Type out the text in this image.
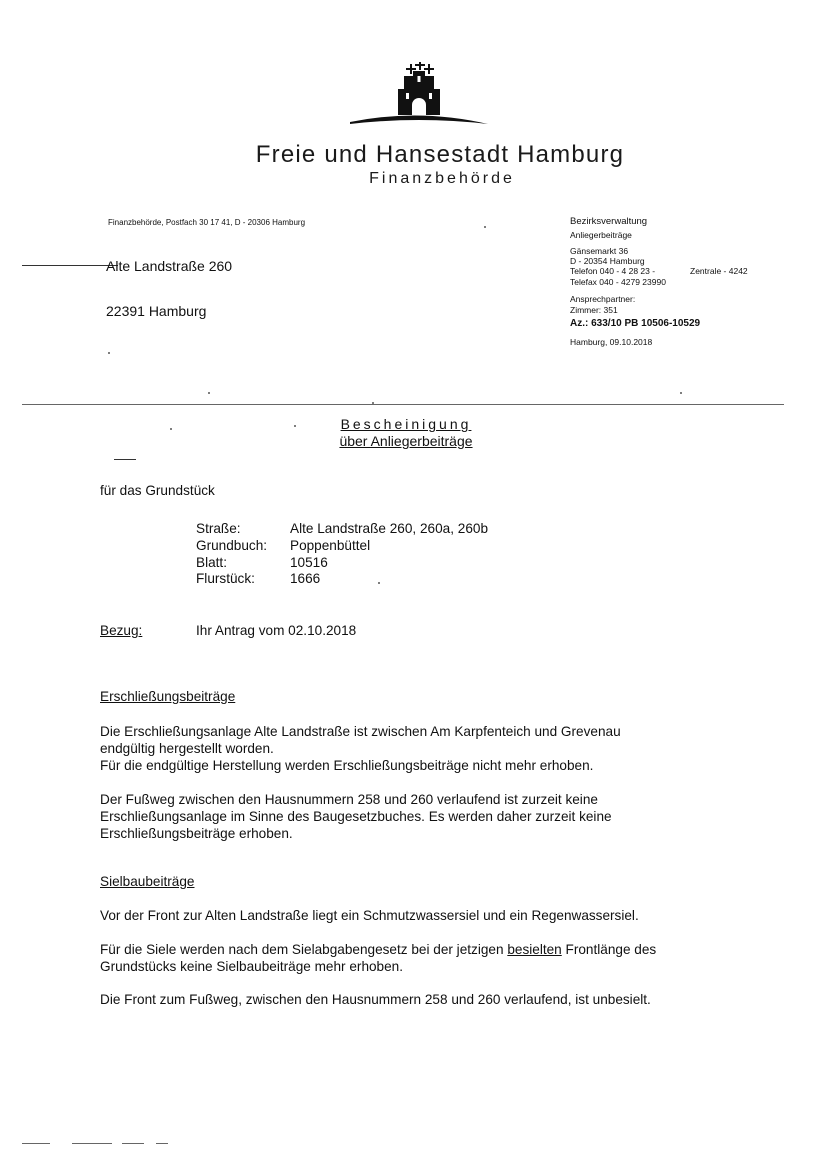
Freie und Hansestadt Hamburg
Finanzbehörde
Finanzbehörde, Postfach 30 17 41, D - 20306 Hamburg
Alte Landstraße 260
22391 Hamburg
Bezirksverwaltung
Anliegerbeiträge
Gänsemarkt 36
D - 20354 Hamburg
Telefon 040 - 4 28 23 -	Zentrale - 4242
Telefax 040 - 4279 23990
Ansprechpartner:
Zimmer: 351
Az.: 633/10 PB 10506-10529
Hamburg, 09.10.2018
Bescheinigung
über Anliegerbeiträge
für das Grundstück
Straße:	Alte Landstraße 260, 260a, 260b
Grundbuch: Poppenbüttel
Blatt:	10516
Flurstück:	1666
Bezug:	Ihr Antrag vom 02.10.2018
Erschließungsbeiträge
Die Erschließungsanlage Alte Landstraße ist zwischen Am Karpfenteich und Grevenau
endgültig hergestellt worden.
Für die endgültige Herstellung werden Erschließungsbeiträge nicht mehr erhoben.
Der Fußweg zwischen den Hausnummern 258 und 260 verlaufend ist zurzeit keine
Erschließungsanlage im Sinne des Baugesetzbuches. Es werden daher zurzeit keine
Erschließungsbeiträge erhoben.
Sielbaubeiträge
Vor der Front zur Alten Landstraße liegt ein Schmutzwassersiel und ein Regenwassersiel.
Für die Siele werden nach dem Sielabgabengesetz bei der jetzigen besielten Frontlänge des
Grundstücks keine Sielbaubeiträge mehr erhoben.
Die Front zum Fußweg, zwischen den Hausnummern 258 und 260 verlaufend, ist unbesielt.
